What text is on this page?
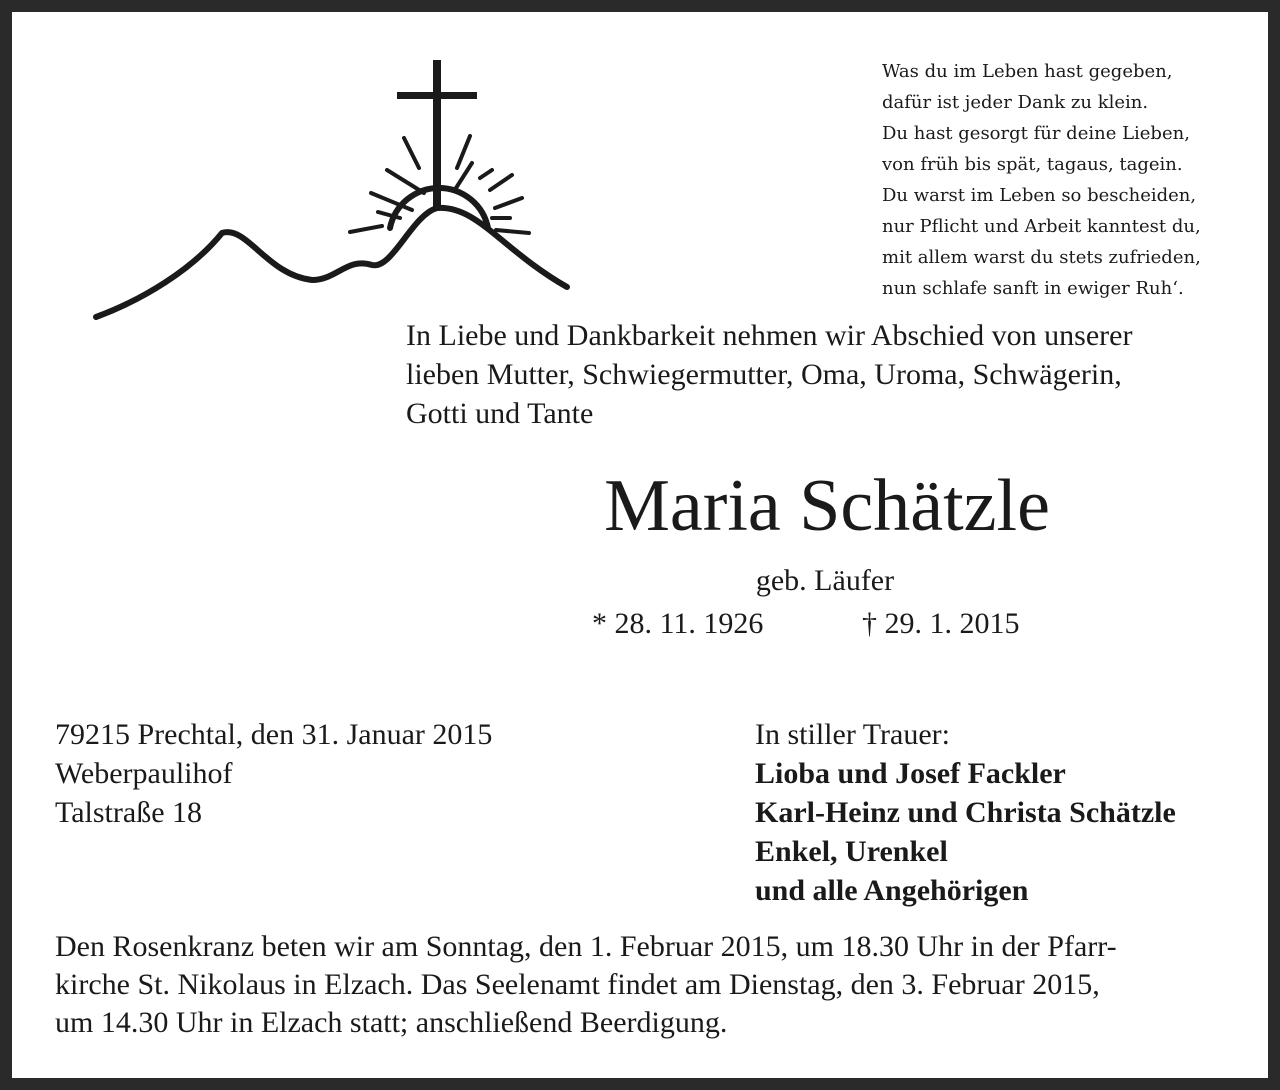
Was du im Leben hast gegeben,
dafür ist jeder Dank zu klein.
Du hast gesorgt für deine Lieben,
von früh bis spät, tagaus, tagein.
Du warst im Leben so bescheiden,
nur Pflicht und Arbeit kanntest du,
mit allem warst du stets zufrieden,
nun schlafe sanft in ewiger Ruh‘.
In Liebe und Dankbarkeit nehmen wir Abschied von unserer
lieben Mutter, Schwiegermutter, Oma, Uroma, Schwägerin,
Gotti und Tante
Maria Schätzle
geb. Läufer
* 28. 11. 1926	† 29. 1. 2015
79215 Prechtal, den 31. Januar 2015
Weberpaulihof
Talstraße 18
In stiller Trauer:
Lioba und Josef Fackler
Karl-Heinz und Christa Schätzle
Enkel, Urenkel
und alle Angehörigen
Den Rosenkranz beten wir am Sonntag, den 1. Februar 2015, um 18.30 Uhr in der Pfarr-
kirche St. Nikolaus in Elzach. Das Seelenamt findet am Dienstag, den 3. Februar 2015,
um 14.30 Uhr in Elzach statt; anschließend Beerdigung.
